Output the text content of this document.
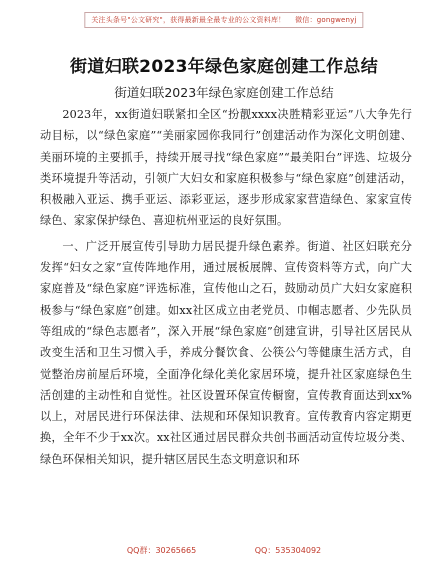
关注头条号"公文研究"，获得最新最全最专业的公文资料库！ 微信：gongwenyj
街道妇联2023年绿色家庭创建工作总结
街道妇联2023年绿色家庭创建工作总结

2023年，xx街道妇联紧扣全区“扮靓xxxx决胜精彩亚运”八大争先行动目标，以“绿色家庭”“美丽家园你我同行”创建活动作为深化文明创建、美丽环境的主要抓手，持续开展寻找“绿色家庭”“最美阳台”评选、垃圾分类环境提升等活动，引领广大妇女和家庭积极参与“绿色家庭”创建活动，积极融入亚运、携手亚运、添彩亚运，逐步形成家家营造绿色、家家宣传绿色、家家保护绿色、喜迎杭州亚运的良好氛围。

一、广泛开展宣传引导助力居民提升绿色素养。街道、社区妇联充分发挥“妇女之家”宣传阵地作用，通过展板展牌、宣传资料等方式，向广大家庭普及“绿色家庭”评选标准，宣传他山之石，鼓励动员广大妇女家庭积极参与“绿色家庭”创建。如xx社区成立由老党员、巾帼志愿者、少先队员等组成的“绿色志愿者”，深入开展“绿色家庭”创建宣讲，引导社区居民从改变生活和卫生习惯入手，养成分餐饮食、公筷公勺等健康生活方式，自觉整治房前屋后环境，全面净化绿化美化家居环境，提升社区家庭绿色生活创建的主动性和自觉性。社区设置环保宣传橱窗，宣传教育面达到xx%以上，对居民进行环保法律、法规和环保知识教育。宣传教育内容定期更换，全年不少于xx次。xx社区通过居民群众共创书画活动宣传垃圾分类、绿色环保相关知识，提升辖区居民生态文明意识和环

QQ群：30265665	QQ：535304092
